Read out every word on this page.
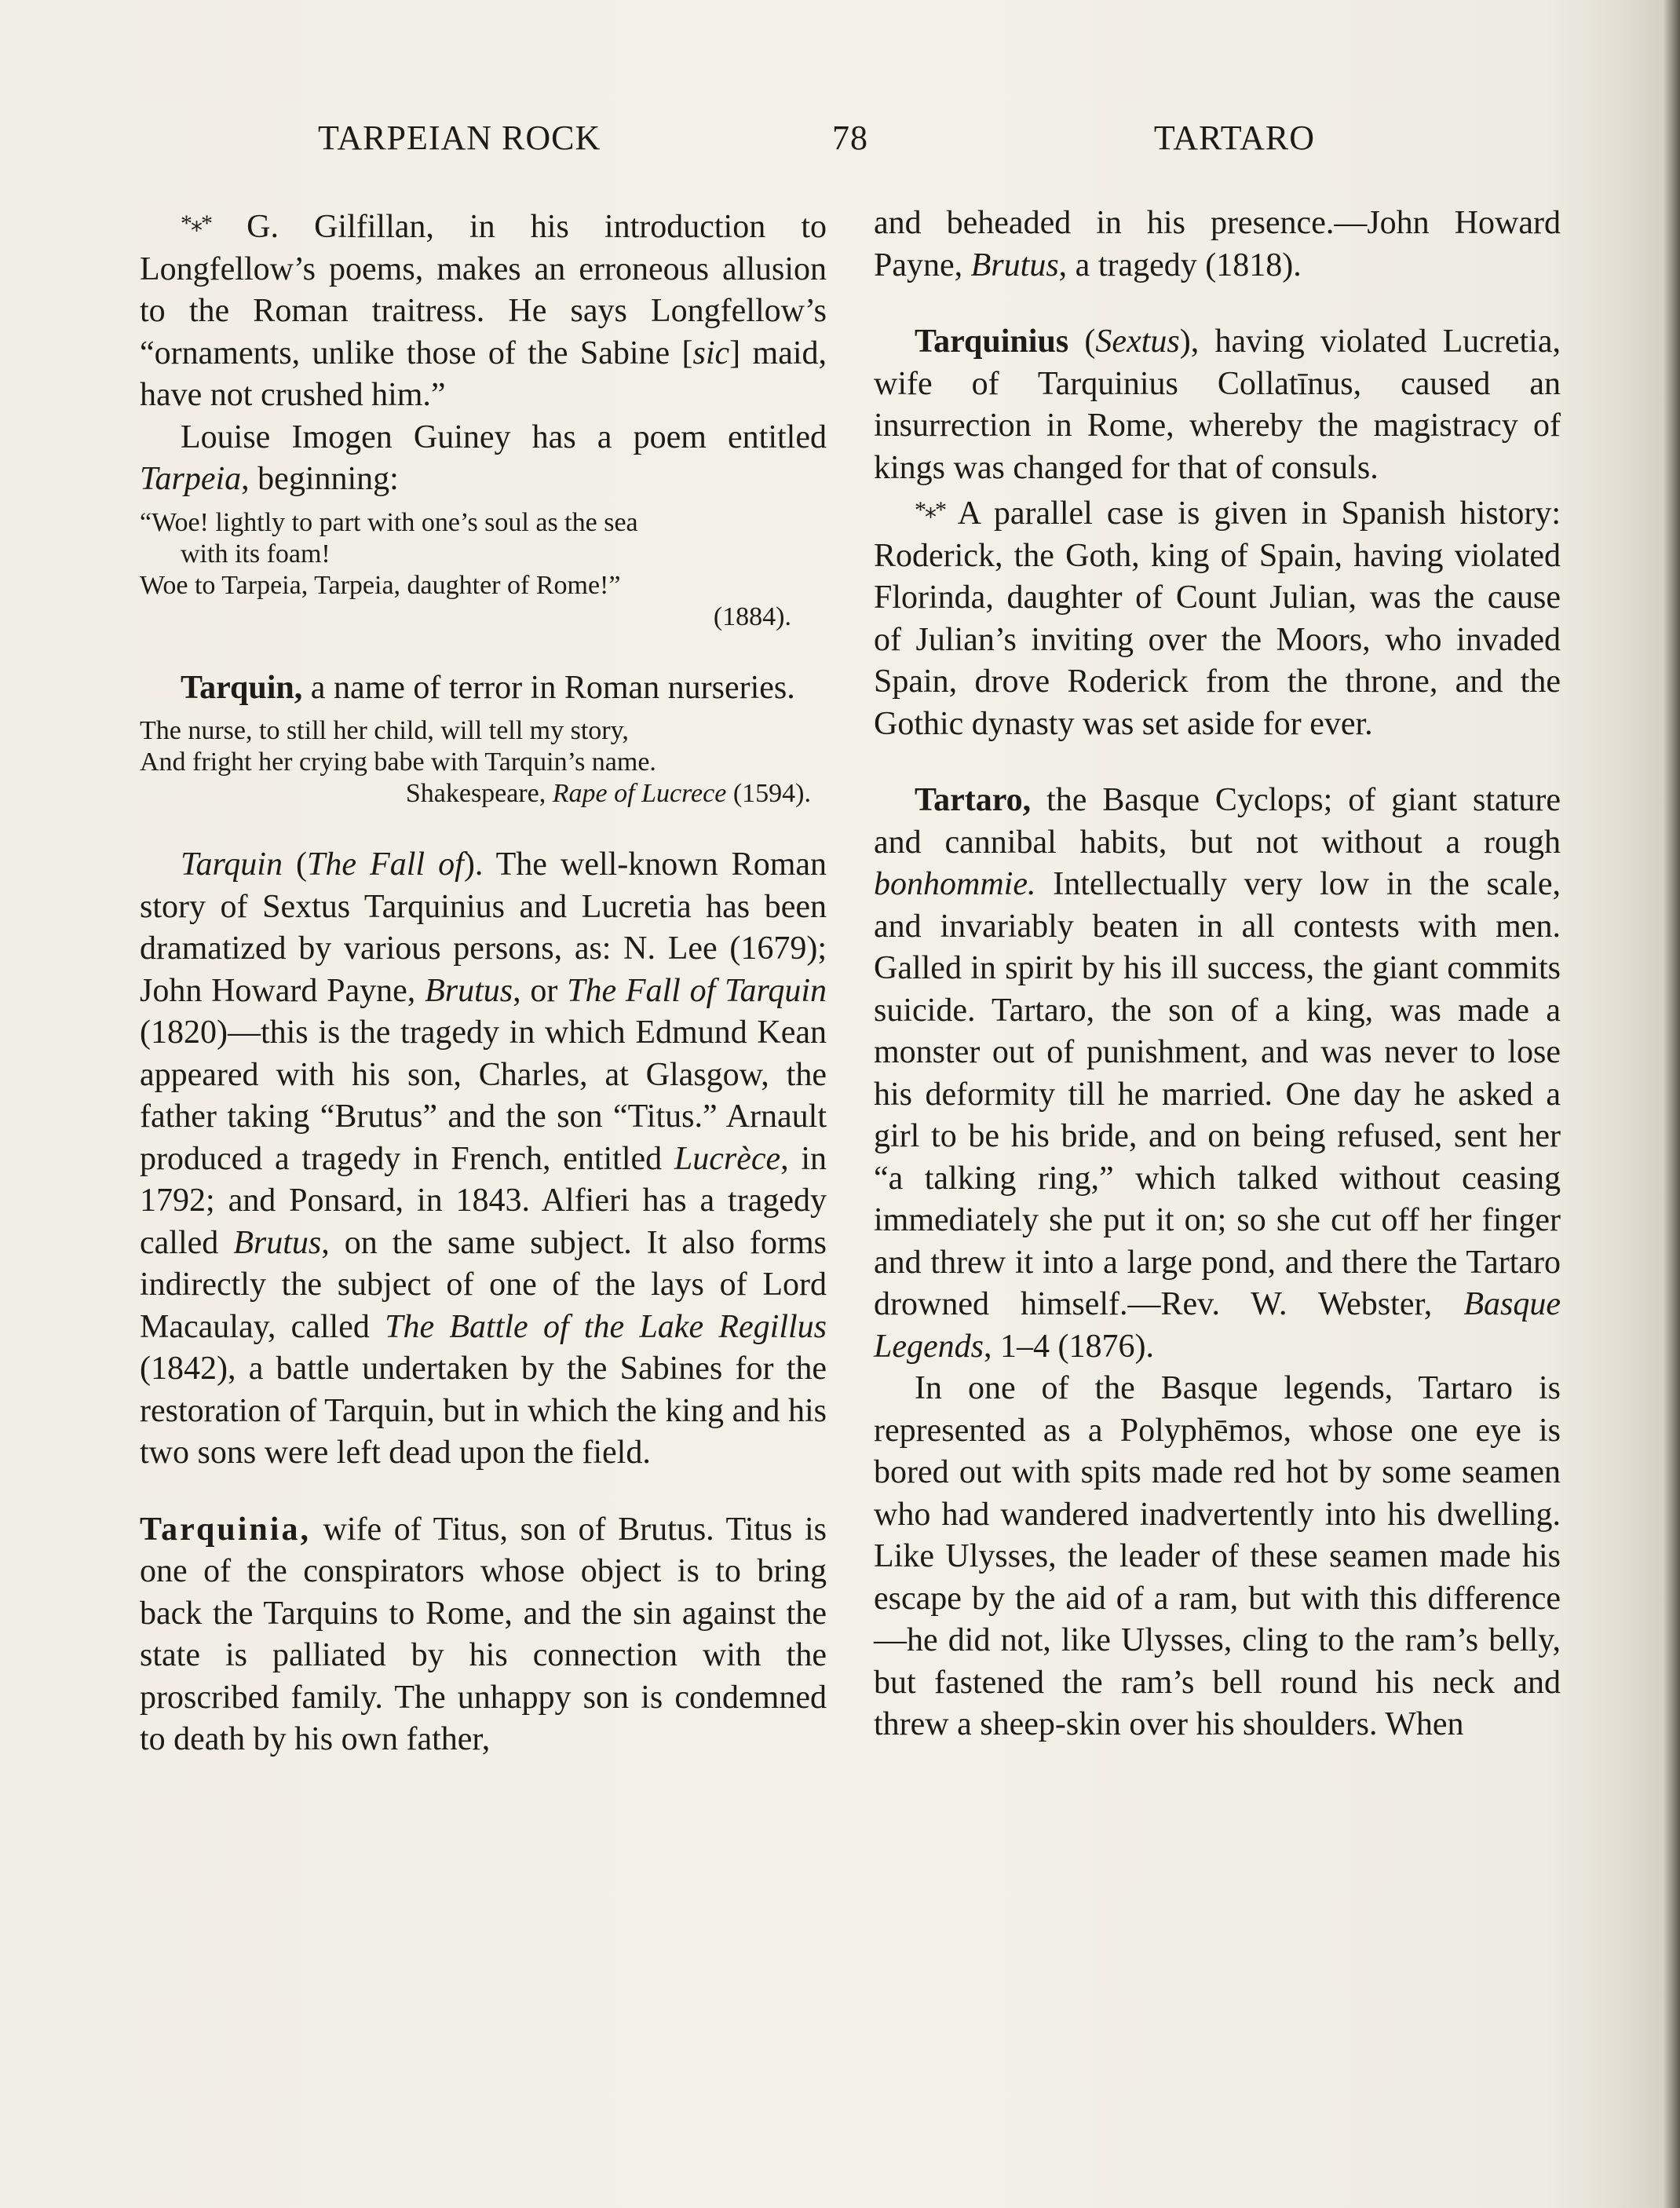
TARPEIAN ROCK	78	TARTARO

*⁎* G. Gilfillan, in his introduction to Longfellow’s poems, makes an erroneous allusion to the Roman traitress. He says Longfellow’s “ornaments, unlike those of the Sabine [sic] maid, have not crushed him.”

Louise Imogen Guiney has a poem entitled Tarpeia, beginning:

“Woe! lightly to part with one’s soul as the sea
with its foam!
Woe to Tarpeia, Tarpeia, daughter of Rome!”
(1884).

Tarquin, a name of terror in Roman nurseries.

The nurse, to still her child, will tell my story,
And fright her crying babe with Tarquin’s name.
Shakespeare, Rape of Lucrece (1594).

Tarquin (The Fall of). The well-known Roman story of Sextus Tarquinius and Lucretia has been dramatized by various persons, as: N. Lee (1679); John Howard Payne, Brutus, or The Fall of Tarquin (1820)—this is the tragedy in which Edmund Kean appeared with his son, Charles, at Glasgow, the father taking “Brutus” and the son “Titus.” Arnault produced a tragedy in French, entitled Lucrèce, in 1792; and Ponsard, in 1843. Alfieri has a tragedy called Brutus, on the same subject. It also forms indirectly the subject of one of the lays of Lord Macaulay, called The Battle of the Lake Regillus (1842), a battle undertaken by the Sabines for the restoration of Tarquin, but in which the king and his two sons were left dead upon the field.

Tarquinia, wife of Titus, son of Brutus. Titus is one of the conspirators whose object is to bring back the Tarquins to Rome, and the sin against the state is palliated by his connection with the proscribed family. The unhappy son is condemned to death by his own father,

and beheaded in his presence.—John Howard Payne, Brutus, a tragedy (1818).

Tarquinius (Sextus), having violated Lucretia, wife of Tarquinius Collatīnus, caused an insurrection in Rome, whereby the magistracy of kings was changed for that of consuls.

*⁎* A parallel case is given in Spanish history: Roderick, the Goth, king of Spain, having violated Florinda, daughter of Count Julian, was the cause of Julian’s inviting over the Moors, who invaded Spain, drove Roderick from the throne, and the Gothic dynasty was set aside for ever.

Tartaro, the Basque Cyclops; of giant stature and cannibal habits, but not without a rough bonhommie. Intellectually very low in the scale, and invariably beaten in all contests with men. Galled in spirit by his ill success, the giant commits suicide. Tartaro, the son of a king, was made a monster out of punishment, and was never to lose his deformity till he married. One day he asked a girl to be his bride, and on being refused, sent her “a talking ring,” which talked without ceasing immediately she put it on; so she cut off her finger and threw it into a large pond, and there the Tartaro drowned himself.—Rev. W. Webster, Basque Legends, 1–4 (1876).

In one of the Basque legends, Tartaro is represented as a Polyphēmos, whose one eye is bored out with spits made red hot by some seamen who had wandered inadvertently into his dwelling. Like Ulysses, the leader of these seamen made his escape by the aid of a ram, but with this difference—he did not, like Ulysses, cling to the ram’s belly, but fastened the ram’s bell round his neck and threw a sheep-skin over his shoulders. When
